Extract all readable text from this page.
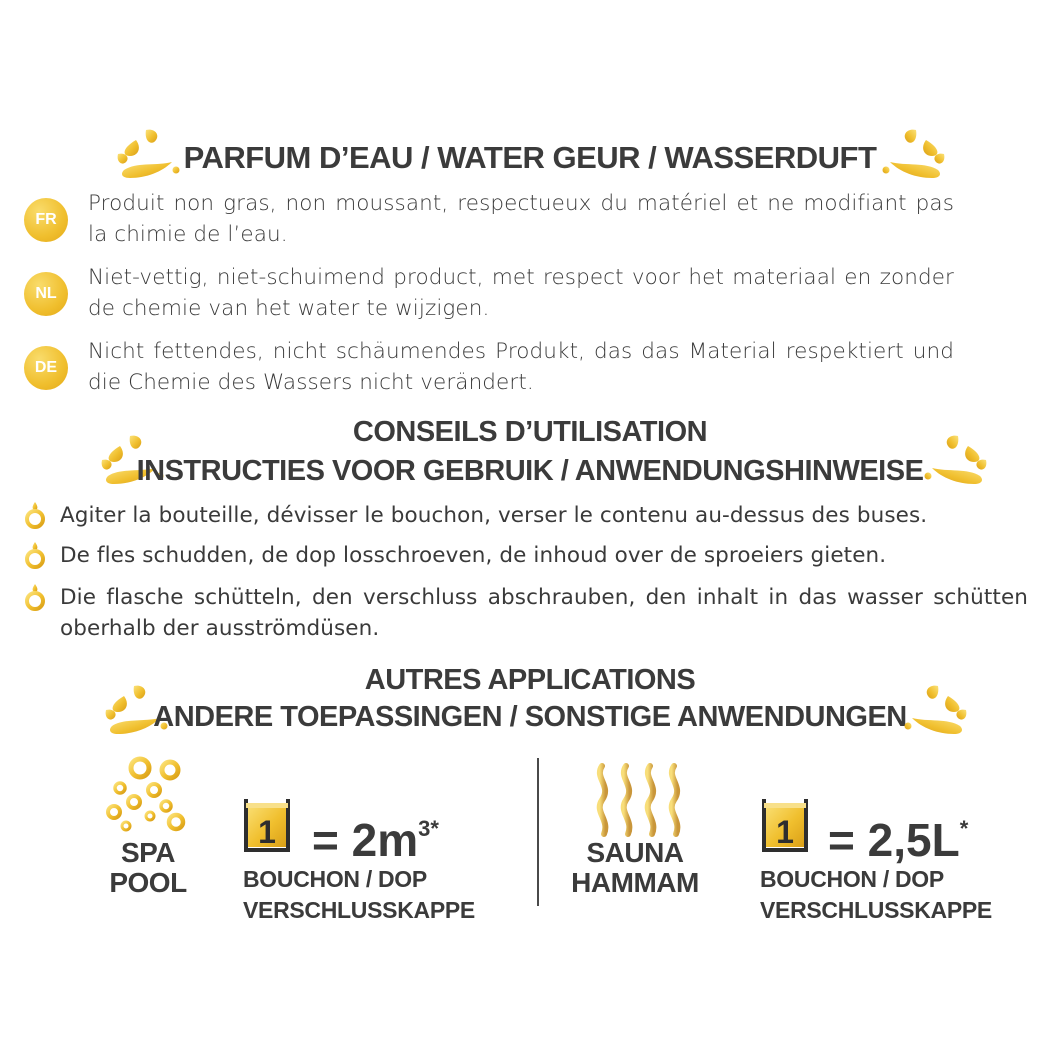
PARFUM D’EAU / WATER GEUR / WASSERDUFT
FR
Produit non gras, non moussant, respectueux du matériel et ne modifiant pas la chimie de l’eau.
NL
Niet-vettig, niet-schuimend product, met respect voor het materiaal en zonder de chemie van het water te wijzigen.
DE
Nicht fettendes, nicht schäumendes Produkt, das das Material respektiert und die Chemie des Wassers nicht verändert.
CONSEILS D’UTILISATION
INSTRUCTIES VOOR GEBRUIK / ANWENDUNGSHINWEISE
Agiter la bouteille, dévisser le bouchon, verser le contenu au-dessus des buses.
De fles schudden, de dop losschroeven, de inhoud over de sproeiers gieten.
Die flasche schütteln, den verschluss abschrauben, den inhalt in das wasser schütten oberhalb der ausströmdüsen.
AUTRES APPLICATIONS
ANDERE TOEPASSINGEN / SONSTIGE ANWENDUNGEN
SPA
POOL
$1 = 2m^{3*}$
BOUCHON / DOP
VERSCHLUSSKAPPE
SAUNA
HAMMAM
1 = 2,5L*
BOUCHON / DOP
VERSCHLUSSKAPPE
